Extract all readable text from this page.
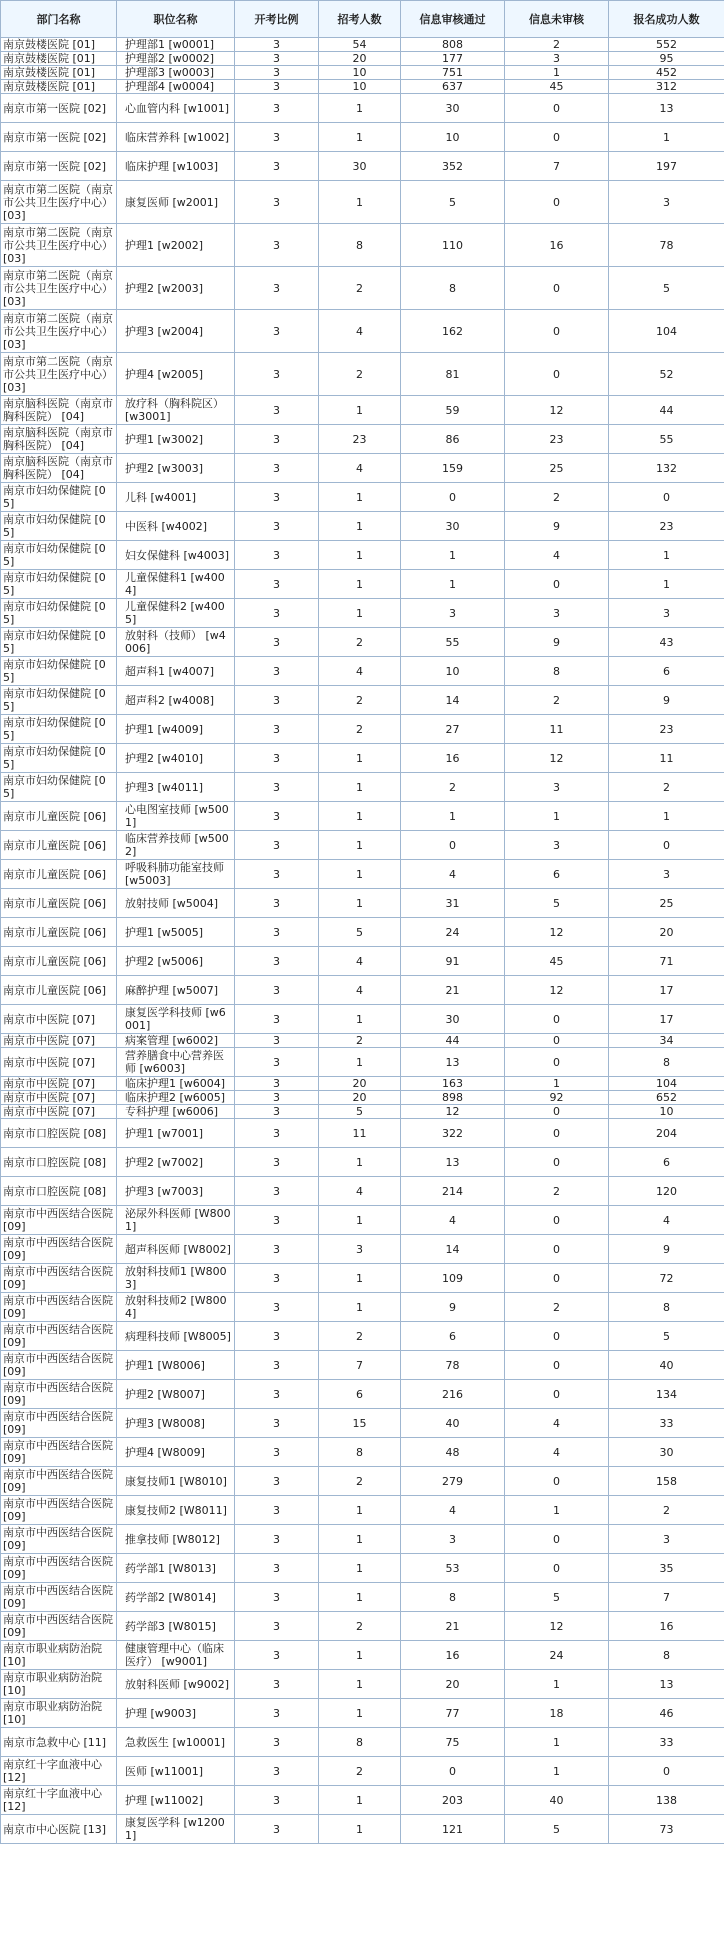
部门名称	职位名称	开考比例	招考人数	信息审核通过	信息未审核	报名成功人数
南京鼓楼医院 [01]	护理部1 [w0001]	3	54	808	2	552
南京鼓楼医院 [01]	护理部2 [w0002]	3	20	177	3	95
南京鼓楼医院 [01]	护理部3 [w0003]	3	10	751	1	452
南京鼓楼医院 [01]	护理部4 [w0004]	3	10	637	45	312
南京市第一医院 [02]	心血管内科 [w1001]	3	1	30	0	13
南京市第一医院 [02]	临床营养科 [w1002]	3	1	10	0	1
南京市第一医院 [02]	临床护理 [w1003]	3	30	352	7	197
南京市第二医院（南京市公共卫生医疗中心） [03]	康复医师 [w2001]	3	1	5	0	3
南京市第二医院（南京市公共卫生医疗中心） [03]	护理1 [w2002]	3	8	110	16	78
南京市第二医院（南京市公共卫生医疗中心） [03]	护理2 [w2003]	3	2	8	0	5
南京市第二医院（南京市公共卫生医疗中心） [03]	护理3 [w2004]	3	4	162	0	104
南京市第二医院（南京市公共卫生医疗中心） [03]	护理4 [w2005]	3	2	81	0	52
南京脑科医院（南京市胸科医院） [04]	放疗科（胸科院区） [w3001]	3	1	59	12	44
南京脑科医院（南京市胸科医院） [04]	护理1 [w3002]	3	23	86	23	55
南京脑科医院（南京市胸科医院） [04]	护理2 [w3003]	3	4	159	25	132
南京市妇幼保健院 [05]	儿科 [w4001]	3	1	0	2	0
南京市妇幼保健院 [05]	中医科 [w4002]	3	1	30	9	23
南京市妇幼保健院 [05]	妇女保健科 [w4003]	3	1	1	4	1
南京市妇幼保健院 [05]	儿童保健科1 [w4004]	3	1	1	0	1
南京市妇幼保健院 [05]	儿童保健科2 [w4005]	3	1	3	3	3
南京市妇幼保健院 [05]	放射科（技师） [w4006]	3	2	55	9	43
南京市妇幼保健院 [05]	超声科1 [w4007]	3	4	10	8	6
南京市妇幼保健院 [05]	超声科2 [w4008]	3	2	14	2	9
南京市妇幼保健院 [05]	护理1 [w4009]	3	2	27	11	23
南京市妇幼保健院 [05]	护理2 [w4010]	3	1	16	12	11
南京市妇幼保健院 [05]	护理3 [w4011]	3	1	2	3	2
南京市儿童医院 [06]	心电图室技师 [w5001]	3	1	1	1	1
南京市儿童医院 [06]	临床营养技师 [w5002]	3	1	0	3	0
南京市儿童医院 [06]	呼吸科肺功能室技师 [w5003]	3	1	4	6	3
南京市儿童医院 [06]	放射技师 [w5004]	3	1	31	5	25
南京市儿童医院 [06]	护理1 [w5005]	3	5	24	12	20
南京市儿童医院 [06]	护理2 [w5006]	3	4	91	45	71
南京市儿童医院 [06]	麻醉护理 [w5007]	3	4	21	12	17
南京市中医院 [07]	康复医学科技师 [w6001]	3	1	30	0	17
南京市中医院 [07]	病案管理 [w6002]	3	2	44	0	34
南京市中医院 [07]	营养膳食中心营养医师 [w6003]	3	1	13	0	8
南京市中医院 [07]	临床护理1 [w6004]	3	20	163	1	104
南京市中医院 [07]	临床护理2 [w6005]	3	20	898	92	652
南京市中医院 [07]	专科护理 [w6006]	3	5	12	0	10
南京市口腔医院 [08]	护理1 [w7001]	3	11	322	0	204
南京市口腔医院 [08]	护理2 [w7002]	3	1	13	0	6
南京市口腔医院 [08]	护理3 [w7003]	3	4	214	2	120
南京市中西医结合医院 [09]	泌尿外科医师 [W8001]	3	1	4	0	4
南京市中西医结合医院 [09]	超声科医师 [W8002]	3	3	14	0	9
南京市中西医结合医院 [09]	放射科技师1 [W8003]	3	1	109	0	72
南京市中西医结合医院 [09]	放射科技师2 [W8004]	3	1	9	2	8
南京市中西医结合医院 [09]	病理科技师 [W8005]	3	2	6	0	5
南京市中西医结合医院 [09]	护理1 [W8006]	3	7	78	0	40
南京市中西医结合医院 [09]	护理2 [W8007]	3	6	216	0	134
南京市中西医结合医院 [09]	护理3 [W8008]	3	15	40	4	33
南京市中西医结合医院 [09]	护理4 [W8009]	3	8	48	4	30
南京市中西医结合医院 [09]	康复技师1 [W8010]	3	2	279	0	158
南京市中西医结合医院 [09]	康复技师2 [W8011]	3	1	4	1	2
南京市中西医结合医院 [09]	推拿技师 [W8012]	3	1	3	0	3
南京市中西医结合医院 [09]	药学部1 [W8013]	3	1	53	0	35
南京市中西医结合医院 [09]	药学部2 [W8014]	3	1	8	5	7
南京市中西医结合医院 [09]	药学部3 [W8015]	3	2	21	12	16
南京市职业病防治院 [10]	健康管理中心（临床医疗） [w9001]	3	1	16	24	8
南京市职业病防治院 [10]	放射科医师 [w9002]	3	1	20	1	13
南京市职业病防治院 [10]	护理 [w9003]	3	1	77	18	46
南京市急救中心 [11]	急救医生 [w10001]	3	8	75	1	33
南京红十字血液中心 [12]	医师 [w11001]	3	2	0	1	0
南京红十字血液中心 [12]	护理 [w11002]	3	1	203	40	138
南京市中心医院 [13]	康复医学科 [w12001]	3	1	121	5	73
